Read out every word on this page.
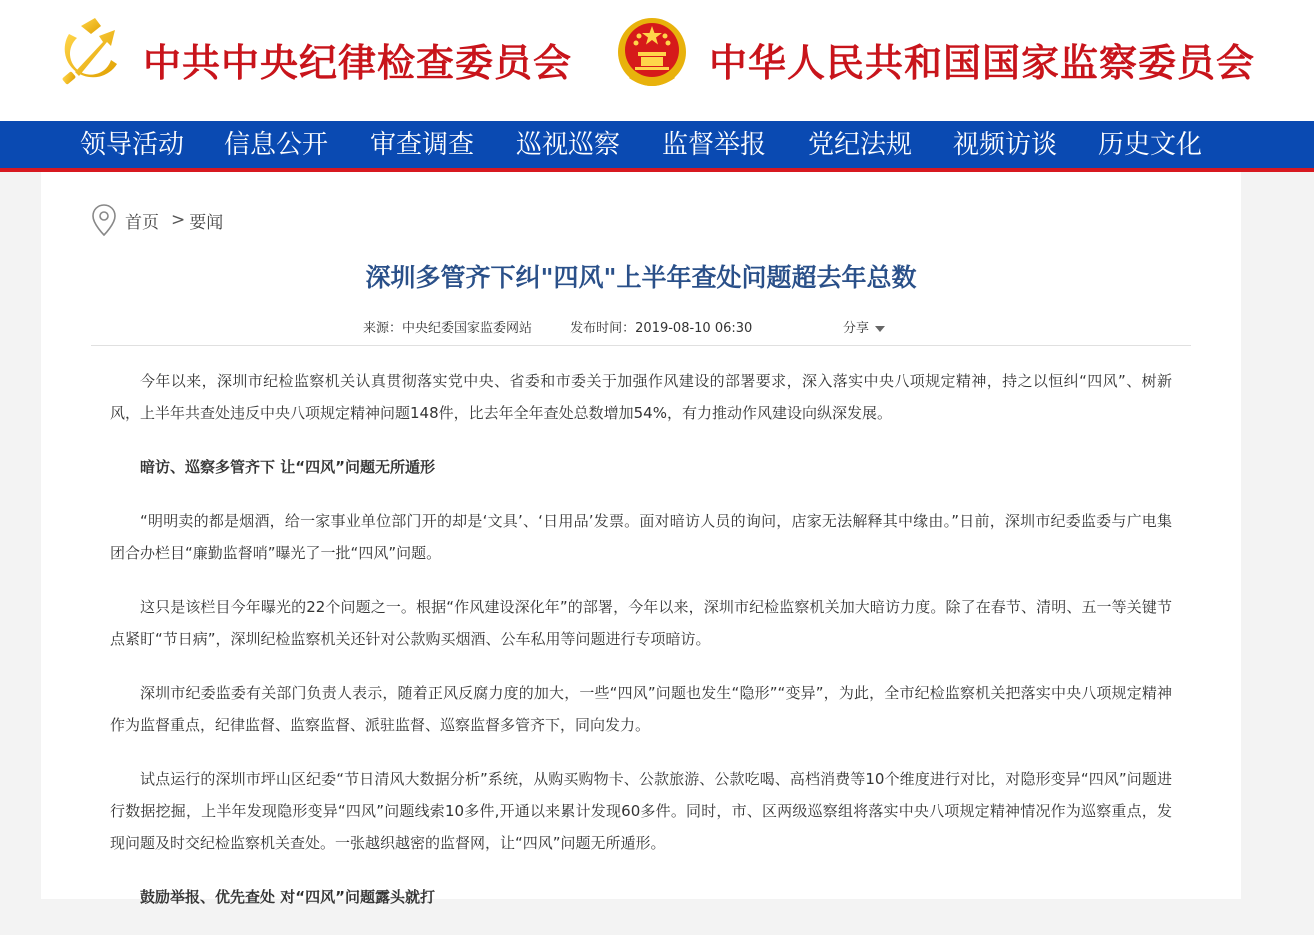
中共中央纪律检查委员会	中华人民共和国国家监察委员会
领导活动 信息公开 审查调查 巡视巡察 监督举报 党纪法规 视频访谈 历史文化
首页 > 要闻
深圳多管齐下纠"四风"上半年查处问题超去年总数
来源：中央纪委国家监委网站	发布时间：2019-08-10 06:30	分享

今年以来，深圳市纪检监察机关认真贯彻落实党中央、省委和市委关于加强作风建设的部署要求，深入落实中央八项规定精神，持之以恒纠“四风”、树新风，上半年共查处违反中央八项规定精神问题148件，比去年全年查处总数增加54%，有力推动作风建设向纵深发展。

暗访、巡察多管齐下 让“四风”问题无所遁形

“明明卖的都是烟酒，给一家事业单位部门开的却是‘文具’、‘日用品’发票。面对暗访人员的询问，店家无法解释其中缘由。”日前，深圳市纪委监委与广电集团合办栏目“廉勤监督哨”曝光了一批“四风”问题。

这只是该栏目今年曝光的22个问题之一。根据“作风建设深化年”的部署，今年以来，深圳市纪检监察机关加大暗访力度。除了在春节、清明、五一等关键节点紧盯“节日病”，深圳纪检监察机关还针对公款购买烟酒、公车私用等问题进行专项暗访。

深圳市纪委监委有关部门负责人表示，随着正风反腐力度的加大，一些“四风”问题也发生“隐形”“变异”，为此，全市纪检监察机关把落实中央八项规定精神作为监督重点，纪律监督、监察监督、派驻监督、巡察监督多管齐下，同向发力。

试点运行的深圳市坪山区纪委“节日清风大数据分析”系统，从购买购物卡、公款旅游、公款吃喝、高档消费等10个维度进行对比，对隐形变异“四风”问题进行数据挖掘，上半年发现隐形变异“四风”问题线索10多件,开通以来累计发现60多件。同时，市、区两级巡察组将落实中央八项规定精神情况作为巡察重点，发现问题及时交纪检监察机关查处。一张越织越密的监督网，让“四风”问题无所遁形。

鼓励举报、优先查处 对“四风”问题露头就打
